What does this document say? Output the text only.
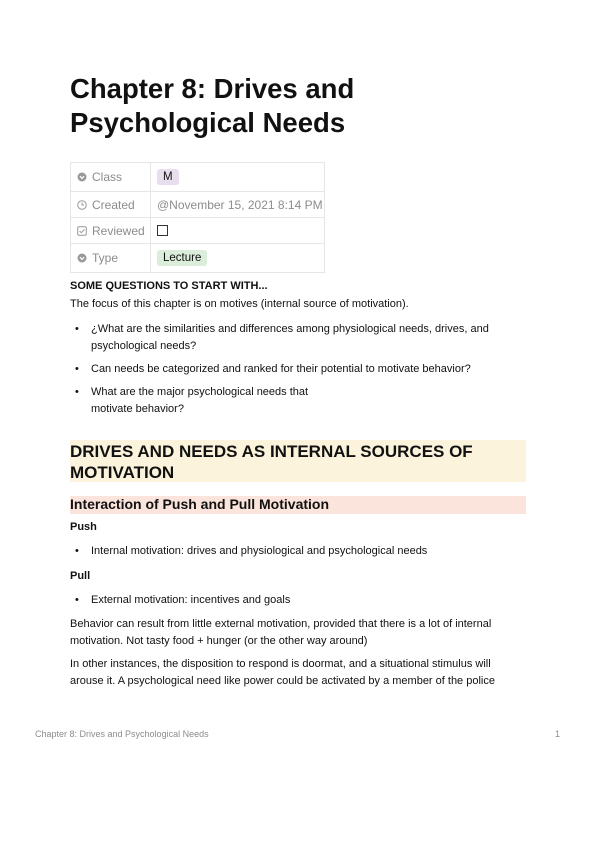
Chapter 8: Drives and Psychological Needs
Class	M
Created	@November 15, 2021 8:14 PM
Reviewed	
Type	Lecture
SOME QUESTIONS TO START WITH...
The focus of this chapter is on motives (internal source of motivation).
• ¿What are the similarities and differences among physiological needs, drives, and psychological needs?
• Can needs be categorized and ranked for their potential to motivate behavior?
• What are the major psychological needs that motivate behavior?
DRIVES AND NEEDS AS INTERNAL SOURCES OF MOTIVATION
Interaction of Push and Pull Motivation
Push
• Internal motivation: drives and physiological and psychological needs
Pull
• External motivation: incentives and goals
Behavior can result from little external motivation, provided that there is a lot of internal motivation. Not tasty food + hunger (or the other way around)
In other instances, the disposition to respond is doormat, and a situational stimulus will arouse it. A psychological need like power could be activated by a member of the police
Chapter 8: Drives and Psychological Needs	1
